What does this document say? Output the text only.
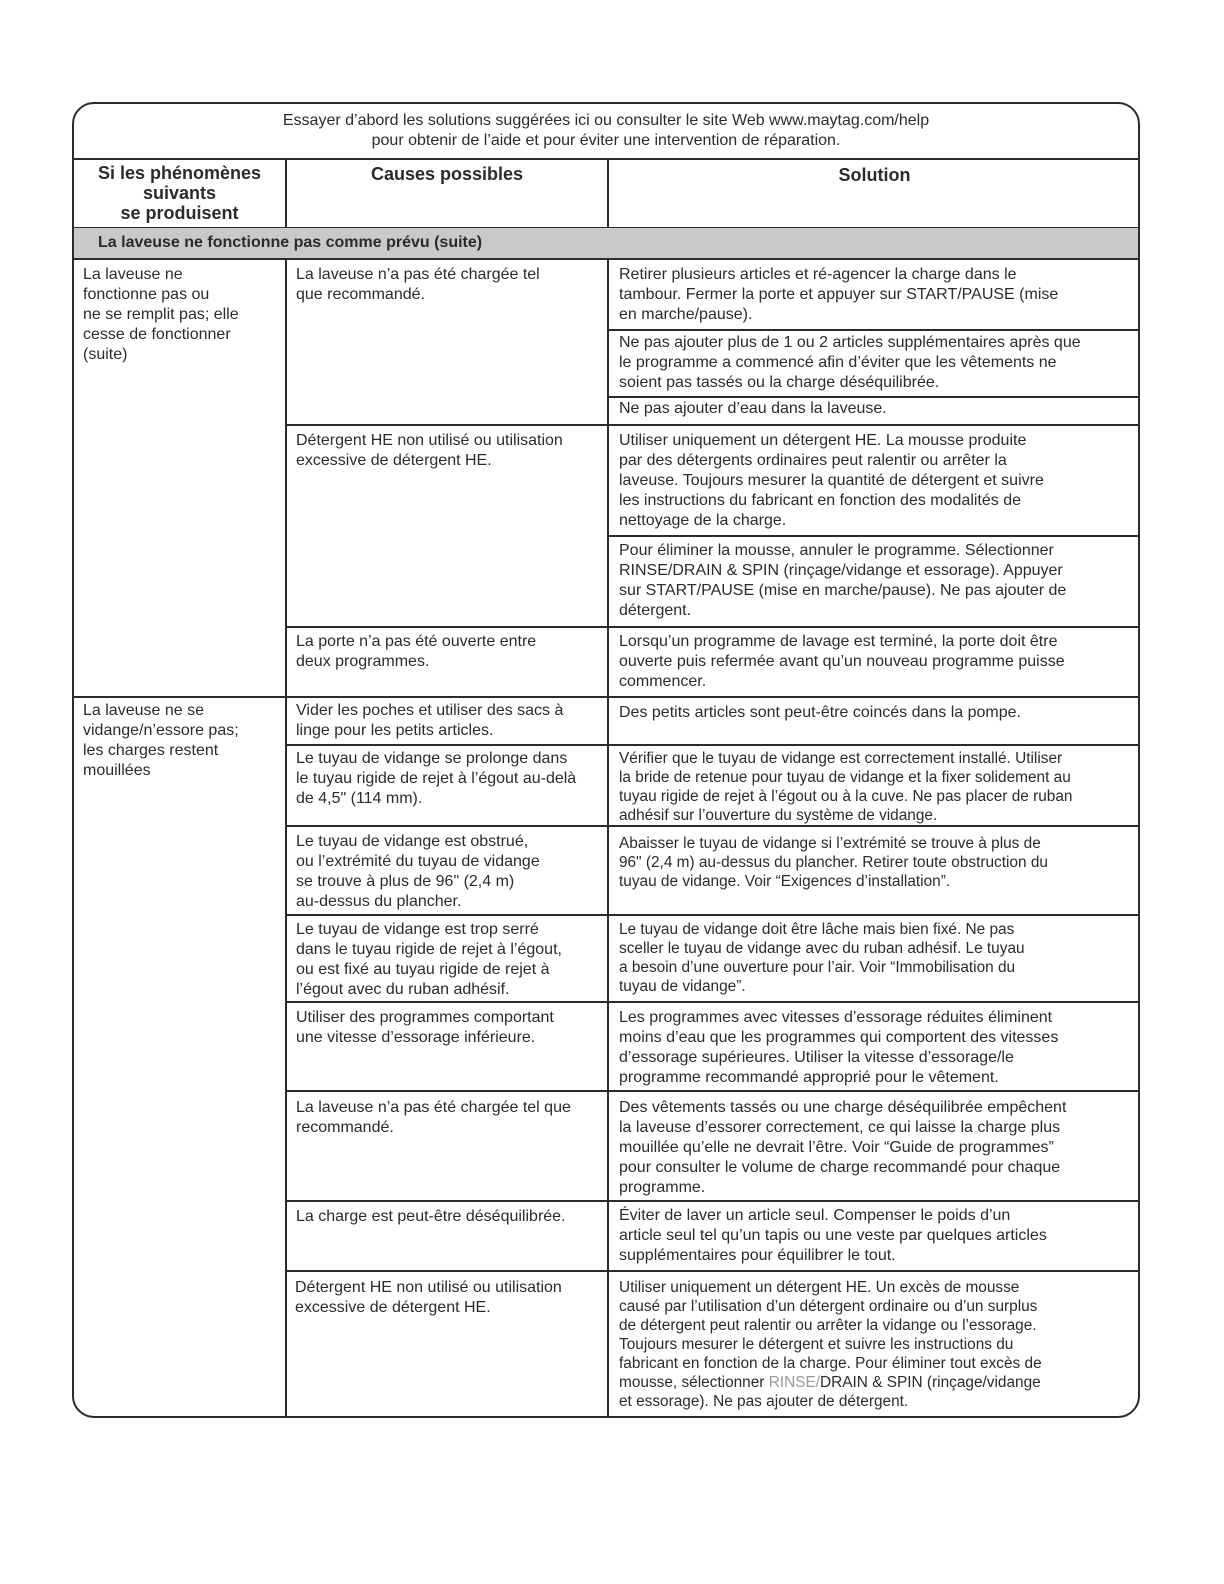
Essayer d’abord les solutions suggérées ici ou consulter le site Web www.maytag.com/help
pour obtenir de l’aide et pour éviter une intervention de réparation.
Si les phénomènes
suivants
se produisent
Causes possibles	Solution
La laveuse ne fonctionne pas comme prévu (suite)
La laveuse ne
fonctionne pas ou
ne se remplit pas; elle
cesse de fonctionner
(suite)
La laveuse ne se
vidange/n’essore pas;
les charges restent
mouillées
La laveuse n’a pas été chargée tel
que recommandé.
Détergent HE non utilisé ou utilisation
excessive de détergent HE.
La porte n’a pas été ouverte entre
deux programmes.
Vider les poches et utiliser des sacs à
linge pour les petits articles.
Le tuyau de vidange se prolonge dans
le tuyau rigide de rejet à l’égout au-delà
de 4,5" (114 mm).
Le tuyau de vidange est obstrué,
ou l’extrémité du tuyau de vidange
se trouve à plus de 96" (2,4 m)
au-dessus du plancher.
Le tuyau de vidange est trop serré
dans le tuyau rigide de rejet à l’égout,
ou est fixé au tuyau rigide de rejet à
l’égout avec du ruban adhésif.
Utiliser des programmes comportant
une vitesse d’essorage inférieure.
La laveuse n’a pas été chargée tel que
recommandé.
La charge est peut-être déséquilibrée.
Détergent HE non utilisé ou utilisation
excessive de détergent HE.
Retirer plusieurs articles et ré-agencer la charge dans le
tambour. Fermer la porte et appuyer sur START/PAUSE (mise
en marche/pause).
Ne pas ajouter plus de 1 ou 2 articles supplémentaires après que
le programme a commencé afin d’éviter que les vêtements ne
soient pas tassés ou la charge déséquilibrée.
Ne pas ajouter d’eau dans la laveuse.
Utiliser uniquement un détergent HE. La mousse produite
par des détergents ordinaires peut ralentir ou arrêter la
laveuse. Toujours mesurer la quantité de détergent et suivre
les instructions du fabricant en fonction des modalités de
nettoyage de la charge.
Pour éliminer la mousse, annuler le programme. Sélectionner
RINSE/DRAIN & SPIN (rinçage/vidange et essorage). Appuyer
sur START/PAUSE (mise en marche/pause). Ne pas ajouter de
détergent.
Lorsqu’un programme de lavage est terminé, la porte doit être
ouverte puis refermée avant qu’un nouveau programme puisse
commencer.
Des petits articles sont peut-être coincés dans la pompe.
Vérifier que le tuyau de vidange est correctement installé. Utiliser
la bride de retenue pour tuyau de vidange et la fixer solidement au
tuyau rigide de rejet à l’égout ou à la cuve. Ne pas placer de ruban
adhésif sur l’ouverture du système de vidange.
Abaisser le tuyau de vidange si l’extrémité se trouve à plus de
96" (2,4 m) au-dessus du plancher. Retirer toute obstruction du
tuyau de vidange. Voir “Exigences d’installation”.
Le tuyau de vidange doit être lâche mais bien fixé. Ne pas
sceller le tuyau de vidange avec du ruban adhésif. Le tuyau
a besoin d’une ouverture pour l’air. Voir “Immobilisation du
tuyau de vidange”.
Les programmes avec vitesses d’essorage réduites éliminent
moins d’eau que les programmes qui comportent des vitesses
d’essorage supérieures. Utiliser la vitesse d’essorage/le
programme recommandé approprié pour le vêtement.
Des vêtements tassés ou une charge déséquilibrée empêchent
la laveuse d’essorer correctement, ce qui laisse la charge plus
mouillée qu’elle ne devrait l’être. Voir “Guide de programmes”
pour consulter le volume de charge recommandé pour chaque
programme.
Éviter de laver un article seul. Compenser le poids d’un
article seul tel qu’un tapis ou une veste par quelques articles
supplémentaires pour équilibrer le tout.
Utiliser uniquement un détergent HE. Un excès de mousse
causé par l’utilisation d’un détergent ordinaire ou d’un surplus
de détergent peut ralentir ou arrêter la vidange ou l’essorage.
Toujours mesurer le détergent et suivre les instructions du
fabricant en fonction de la charge. Pour éliminer tout excès de
mousse, sélectionner RINSE/DRAIN & SPIN (rinçage/vidange
et essorage). Ne pas ajouter de détergent.
